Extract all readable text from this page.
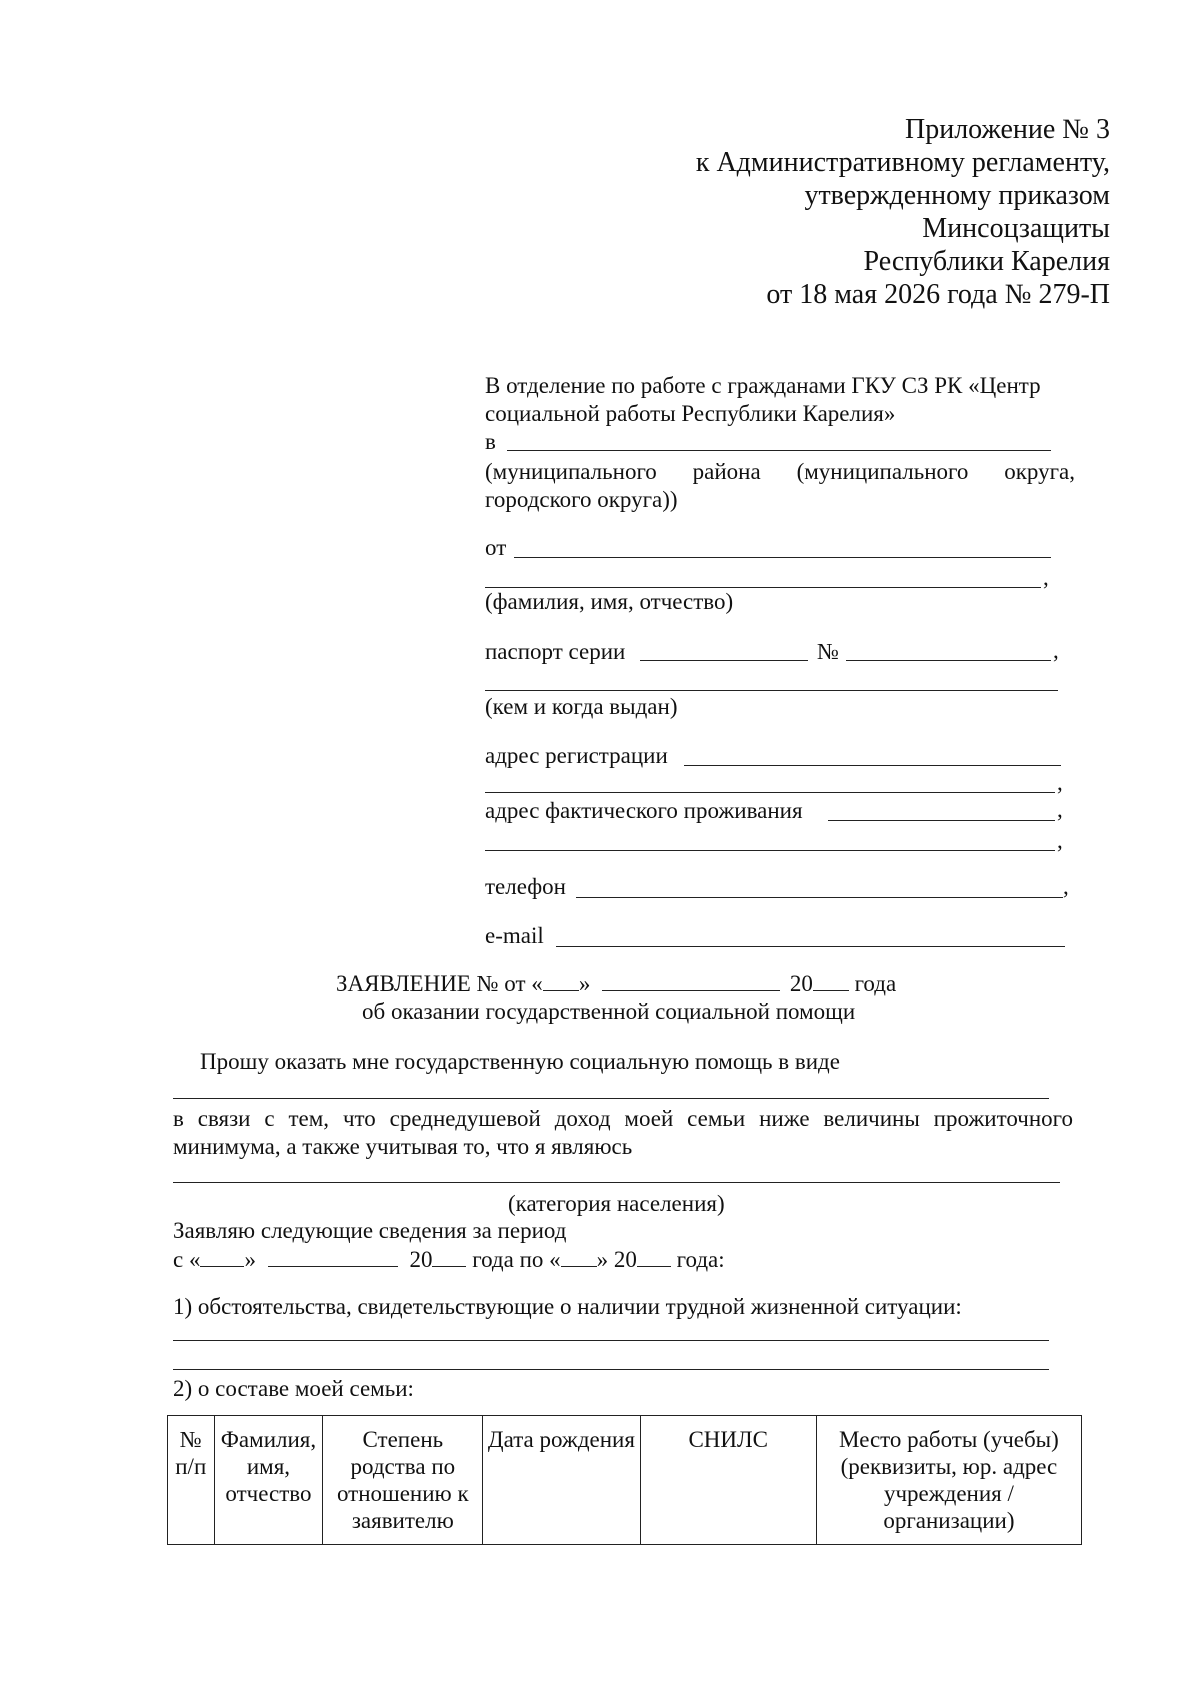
Приложение № 3
к Административному регламенту,
утвержденному приказом
Минсоцзащиты
Республики Карелия
от 18 мая 2026 года № 279-П
В отделение по работе с гражданами ГКУ СЗ РК «Центр
социальной работы Республики Карелия»
в
(муниципального района (муниципального округа,
городского округа))
от
,
(фамилия, имя, отчество)
паспорт серии	№	,
(кем и когда выдан)
адрес регистрации
,
адрес фактического проживания	,
,
телефон	,
e-mail
ЗАЯВЛЕНИЕ № от « »	20 года
об оказании государственной социальной помощи
Прошу оказать мне государственную социальную помощь в виде
в связи с тем, что среднедушевой доход моей семьи ниже величины прожиточного
минимума, а также учитывая то, что я являюсь
(категория населения)
Заявляю следующие сведения за период
с « »	20 года по « » 20 года:
1) обстоятельства, свидетельствующие о наличии трудной жизненной ситуации:
2) о составе моей семьи:
№ п/п	Фамилия, имя, отчество	Степень родства по отношению к заявителю	Дата рождения	СНИЛС	Место работы (учебы) (реквизиты, юр. адрес учреждения / организации)
